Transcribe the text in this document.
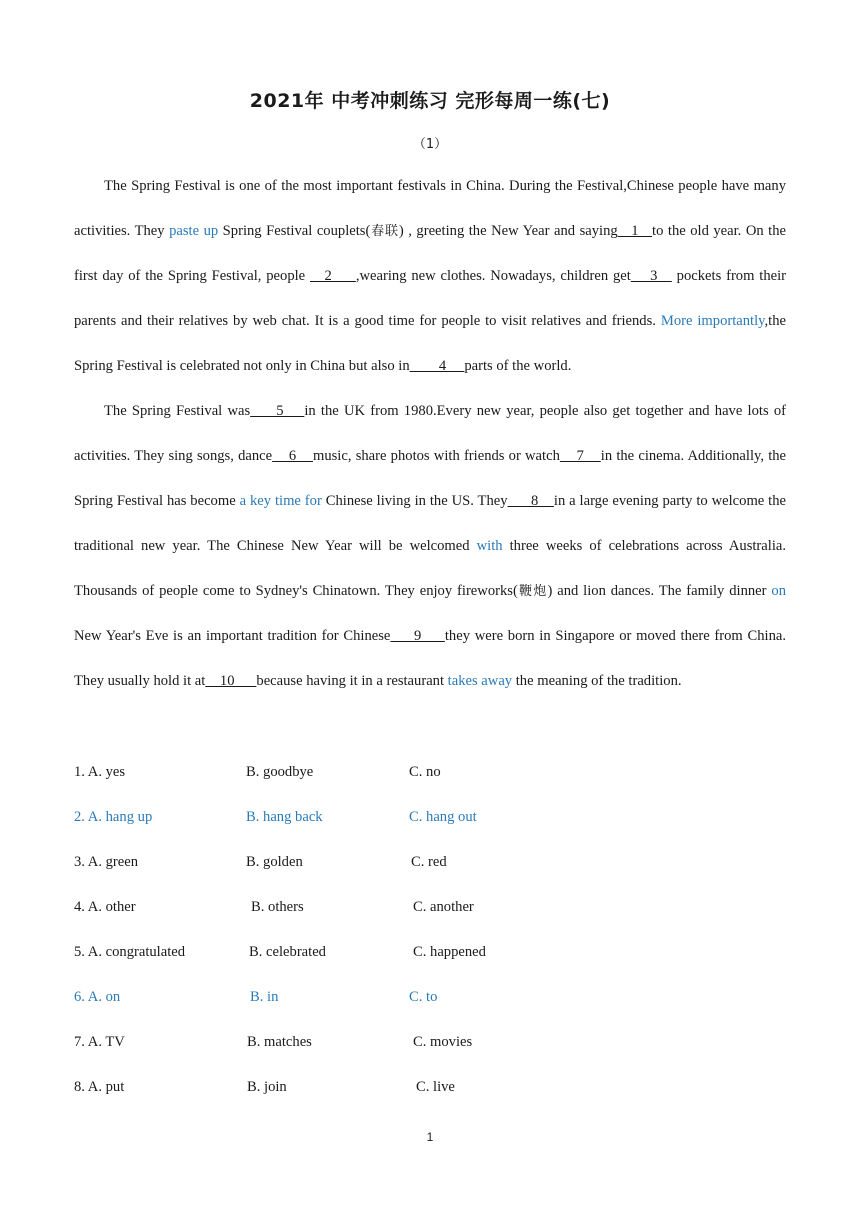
2021年 中考冲刺练习 完形每周一练(七)
（1）

The Spring Festival is one of the most important festivals in China. During the Festival,Chinese people have many activities. They paste up Spring Festival couplets(春联) , greeting the New Year and saying   1   to the old year. On the first day of the Spring Festival, people    2     ,wearing new clothes. Nowadays, children get    3    pockets from their parents and their relatives by web chat. It is a good time for people to visit relatives and friends. More importantly,the Spring Festival is celebrated not only in China but also in        4     parts of the world.

The Spring Festival was     5    in the UK from 1980.Every new year, people also get together and have lots of activities. They sing songs, dance    6    music, share photos with friends or watch    7    in the cinema. Additionally, the Spring Festival has become a key time for Chinese living in the US. They      8    in a large evening party to welcome the traditional new year. The Chinese New Year will be welcomed with three weeks of celebrations across Australia. Thousands of people come to Sydney's Chinatown. They enjoy fireworks(鞭炮) and lion dances. The family dinner on New Year's Eve is an important tradition for Chinese     9     they were born in Singapore or moved there from China. They usually hold it at    10      because having it in a restaurant takes away the meaning of the tradition.

1. A. yes	B. goodbye	C. no
2. A. hang up	B. hang back	C. hang out
3. A. green	B. golden	C. red
4. A. other	B. others	C. another
5. A. congratulated	B. celebrated	C. happened
6. A. on	B. in	C. to
7. A. TV	B. matches	C. movies
8. A. put	B. join	C. live
1
